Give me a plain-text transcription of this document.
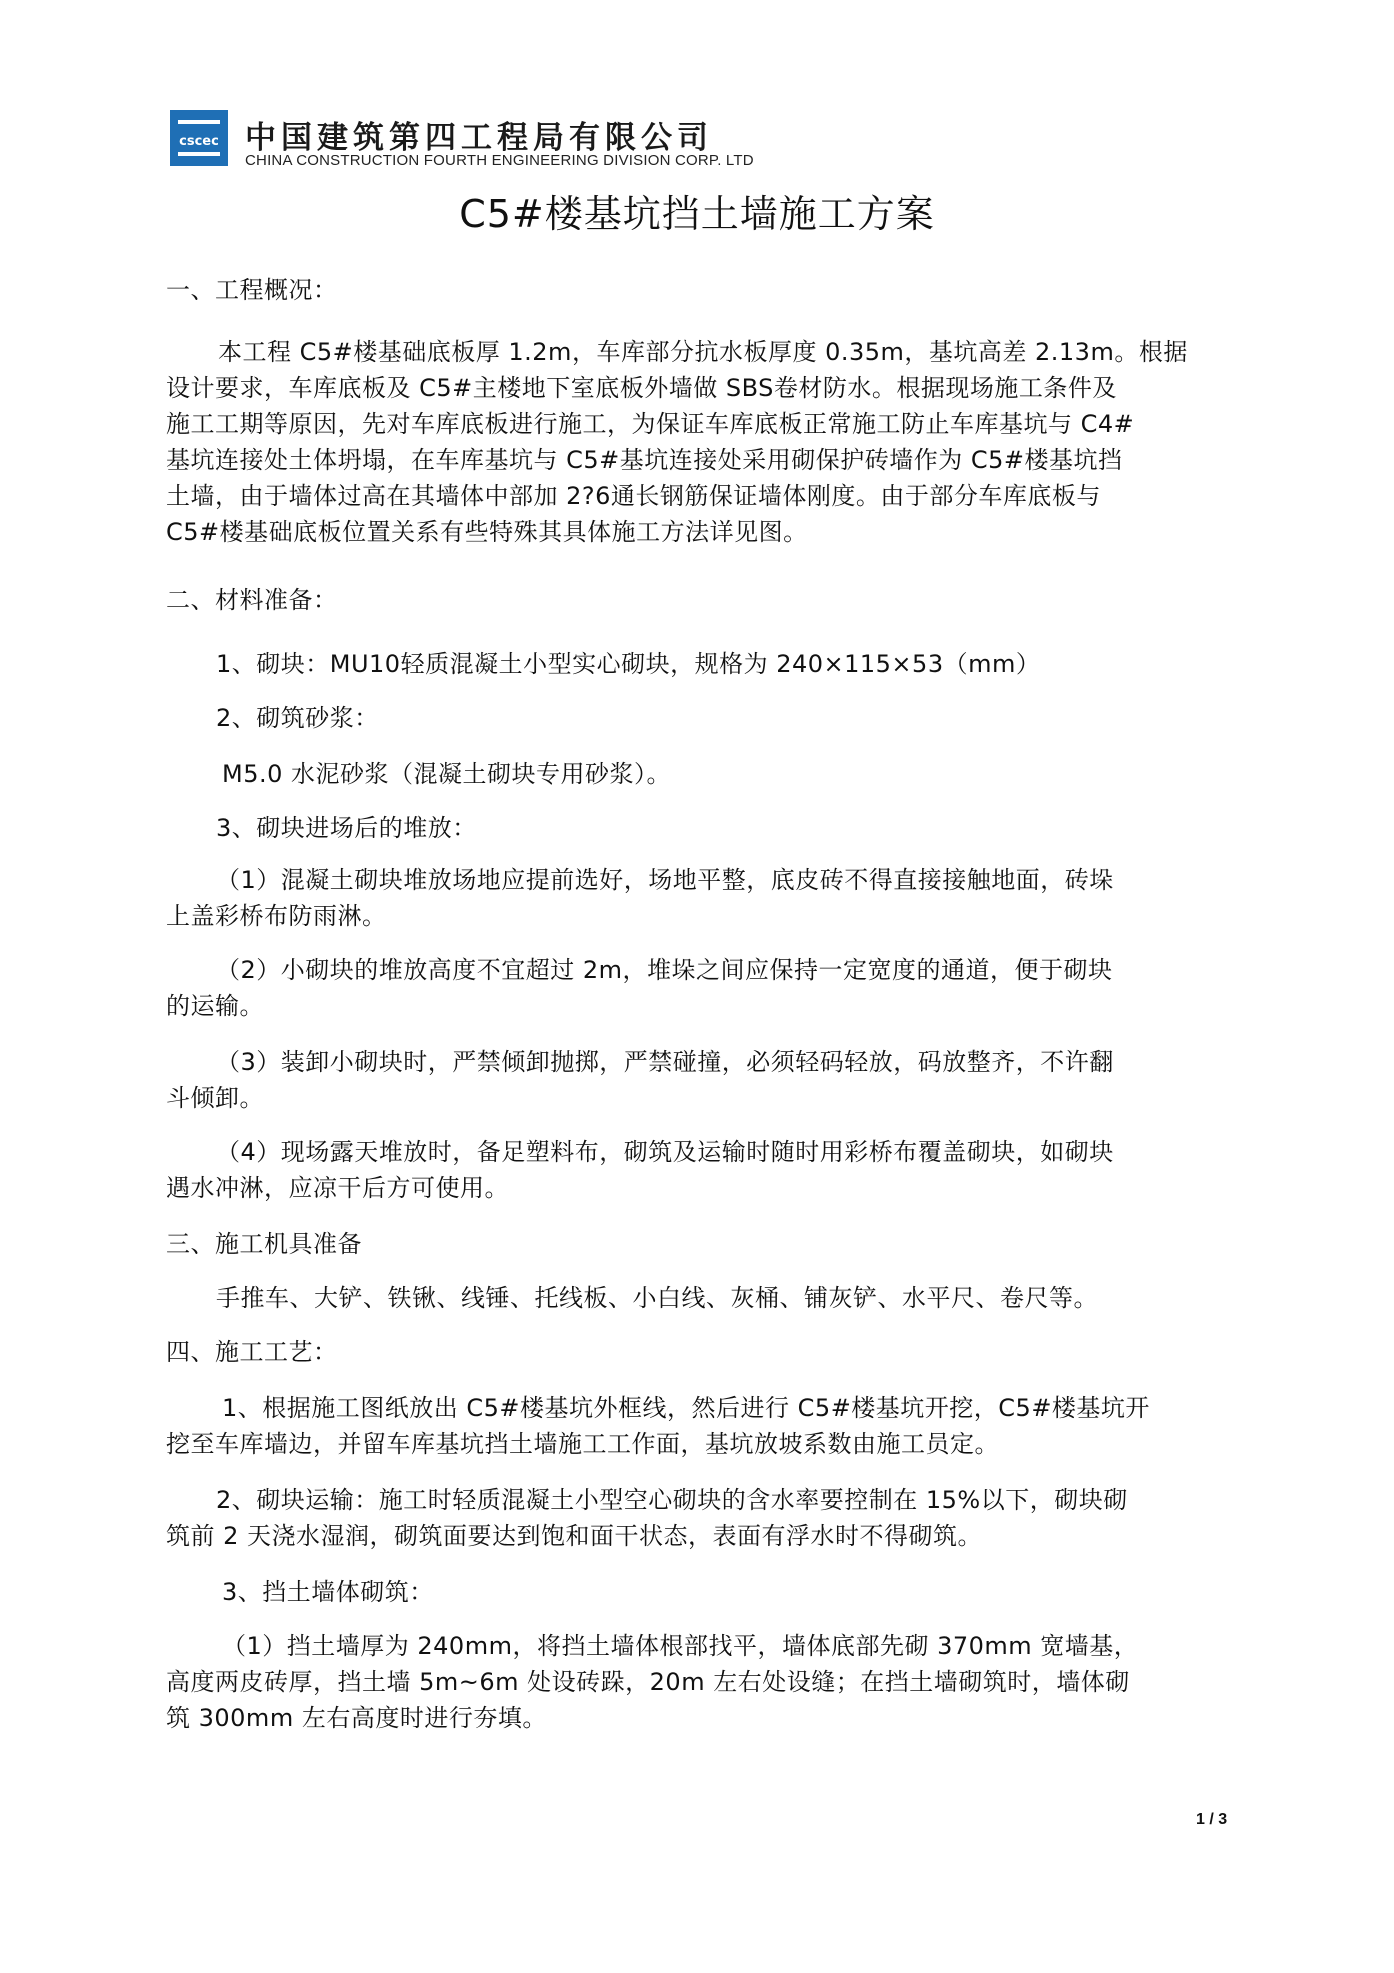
cscec 中国建筑第四工程局有限公司
CHINA CONSTRUCTION FOURTH ENGINEERING DIVISION CORP. LTD
C5#楼基坑挡土墙施工方案
一、工程概况：
本工程 C5#楼基础底板厚 1.2m，车库部分抗水板厚度 0.35m，基坑高差 2.13m。根据
设计要求，车库底板及 C5#主楼地下室底板外墙做 SBS卷材防水。根据现场施工条件及
施工工期等原因，先对车库底板进行施工，为保证车库底板正常施工防止车库基坑与 C4#
基坑连接处土体坍塌，在车库基坑与 C5#基坑连接处采用砌保护砖墙作为 C5#楼基坑挡
土墙，由于墙体过高在其墙体中部加 2?6通长钢筋保证墙体刚度。由于部分车库底板与
C5#楼基础底板位置关系有些特殊其具体施工方法详见图。
二、材料准备：
1、砌块：MU10轻质混凝土小型实心砌块，规格为 240×115×53（mm）
2、砌筑砂浆：
M5.0 水泥砂浆（混凝土砌块专用砂浆）。
3、砌块进场后的堆放：
（1）混凝土砌块堆放场地应提前选好，场地平整，底皮砖不得直接接触地面，砖垛
上盖彩桥布防雨淋。
（2）小砌块的堆放高度不宜超过 2m，堆垛之间应保持一定宽度的通道，便于砌块
的运输。
（3）装卸小砌块时，严禁倾卸抛掷，严禁碰撞，必须轻码轻放，码放整齐，不许翻
斗倾卸。
（4）现场露天堆放时，备足塑料布，砌筑及运输时随时用彩桥布覆盖砌块，如砌块
遇水冲淋，应凉干后方可使用。
三、施工机具准备
手推车、大铲、铁锹、线锤、托线板、小白线、灰桶、铺灰铲、水平尺、卷尺等。
四、施工工艺：
1、根据施工图纸放出 C5#楼基坑外框线，然后进行 C5#楼基坑开挖，C5#楼基坑开
挖至车库墙边，并留车库基坑挡土墙施工工作面，基坑放坡系数由施工员定。
2、砌块运输：施工时轻质混凝土小型空心砌块的含水率要控制在 15%以下，砌块砌
筑前 2 天浇水湿润，砌筑面要达到饱和面干状态，表面有浮水时不得砌筑。
3、挡土墙体砌筑：
（1）挡土墙厚为 240mm，将挡土墙体根部找平，墙体底部先砌 370mm 宽墙基，
高度两皮砖厚，挡土墙 5m~6m 处设砖跺，20m 左右处设缝；在挡土墙砌筑时，墙体砌
筑 300mm 左右高度时进行夯填。
1 / 3
